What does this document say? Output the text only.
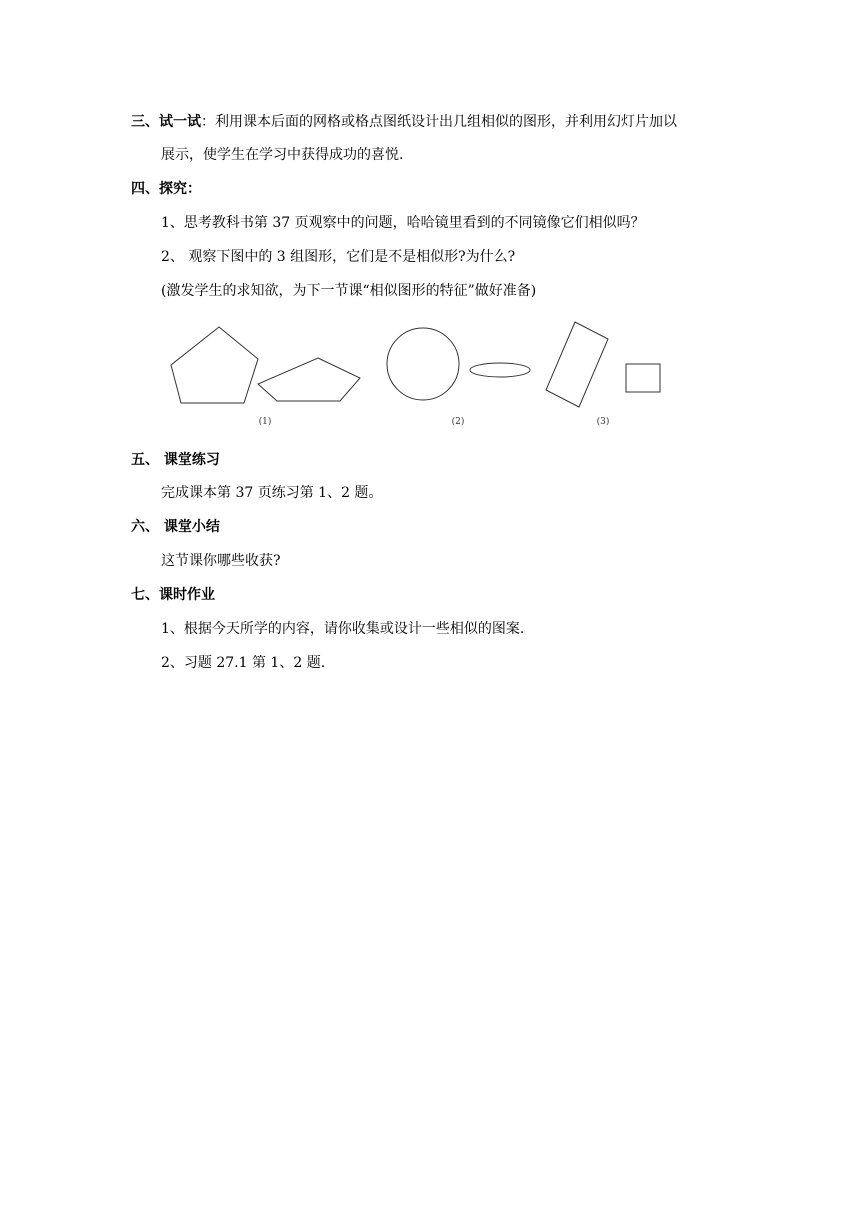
三、试一试：利用课本后面的网格或格点图纸设计出几组相似的图形，并利用幻灯片加以
展示，使学生在学习中获得成功的喜悦.
四、探究：
1、思考教科书第 37 页观察中的问题，哈哈镜里看到的不同镜像它们相似吗？
2、 观察下图中的 3 组图形，它们是不是相似形?为什么?
(激发学生的求知欲，为下一节课“相似图形的特征”做好准备)
(1)	(2)	(3)
五、 课堂练习
完成课本第 37 页练习第 1、2 题。
六、 课堂小结
这节课你哪些收获?
七、课时作业
1、根据今天所学的内容，请你收集或设计一些相似的图案.
2、习题 27.1 第 1、2 题.
